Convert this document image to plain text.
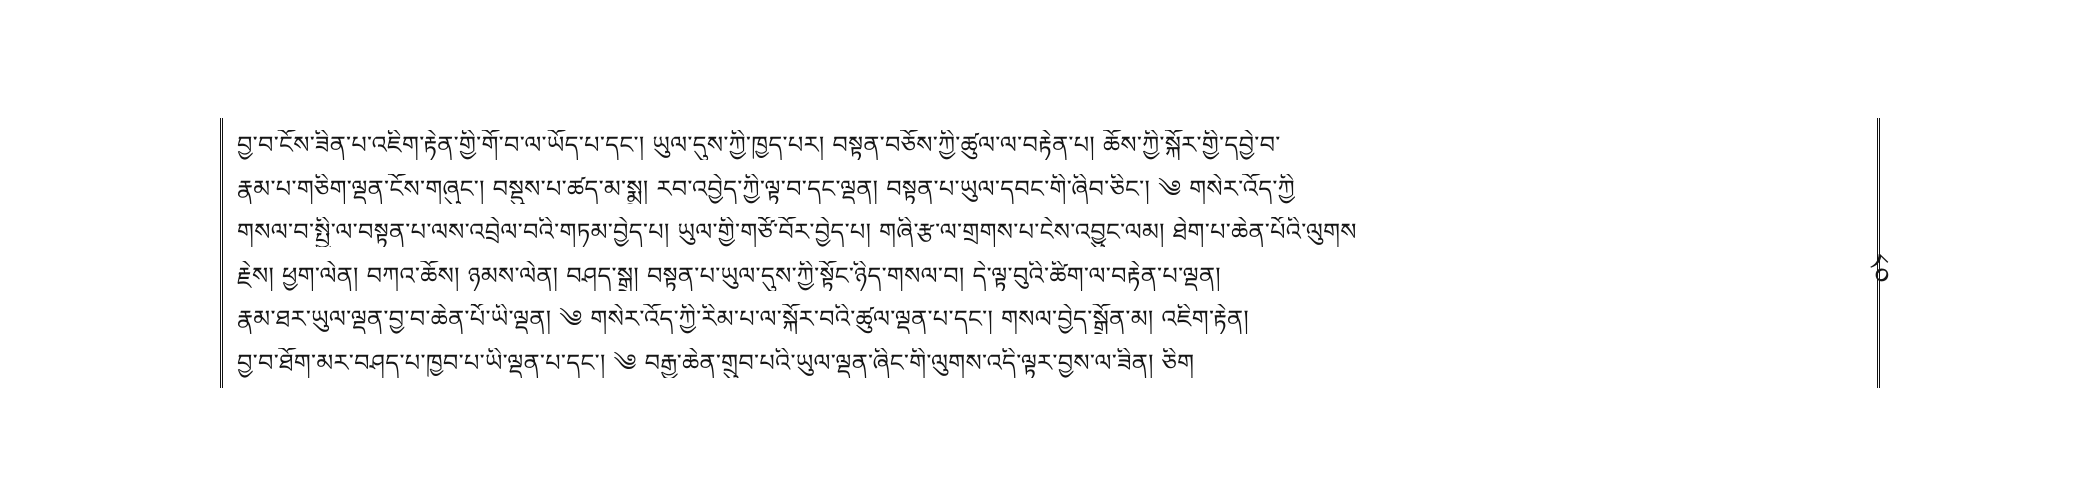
བྱ་བ་ངོས་ཟིན་པ་འཇིག་རྟེན་གྱི་གོ་བ་ལ་ཡོད་པ་དང་། ཡུལ་དུས་ཀྱི་ཁྱད་པར། བསྟན་བཅོས་ཀྱི་ཚུལ་ལ་བརྟེན་པ། ཆོས་ཀྱི་སྐོར་གྱི་དབྱེ་བ་
རྣམ་པ་གཅིག་ལྡན་ངོས་གཞུང་། བསྡུས་པ་ཚད་མ་སྨྲ། རབ་འབྱེད་ཀྱི་ལྟ་བ་དང་ལྡན། བསྟན་པ་ཡུལ་དབང་གི་ཞིབ་ཅིང་། ༄ གསེར་འོད་ཀྱི
གསལ་བ་སྤྱི་ལ་བསྟན་པ་ལས་འབྲེལ་བའི་གཏམ་བྱེད་པ། ཡུལ་གྱི་གཙོ་བོར་བྱེད་པ། གཞི་རྩ་ལ་གྲགས་པ་ངེས་འབྱུང་ལམ། ཐེག་པ་ཆེན་པོའི་ལུགས
རྗེས། ཕྱག་ལེན། བཀའ་ཆོས། ཉམས་ལེན། བཤད་སྒྲ། བསྟན་པ་ཡུལ་དུས་ཀྱི་སྟོང་ཉིད་གསལ་བ། དེ་ལྟ་བུའི་ཚིག་ལ་བརྟེན་པ་ལྡན།
རྣམ་ཐར་ཡུལ་ལྡན་བྱ་བ་ཆེན་པོ་ཡི་ལྡན། ༄ གསེར་འོད་ཀྱི་རིམ་པ་ལ་སྐོར་བའི་ཚུལ་ལྡན་པ་དང་། གསལ་བྱེད་སྒྲོན་མ། འཇིག་རྟེན།
བྱ་བ་ཐོག་མར་བཤད་པ་ཁྱབ་པ་ཡི་ལྡན་པ་དང་། ༄ བརྒྱ་ཆེན་གྲུབ་པའི་ཡུལ་ལྡན་ཞིང་གི་ལུགས་འདི་ལྟར་བྱས་ལ་ཟིན། ཅིག
༨༠
